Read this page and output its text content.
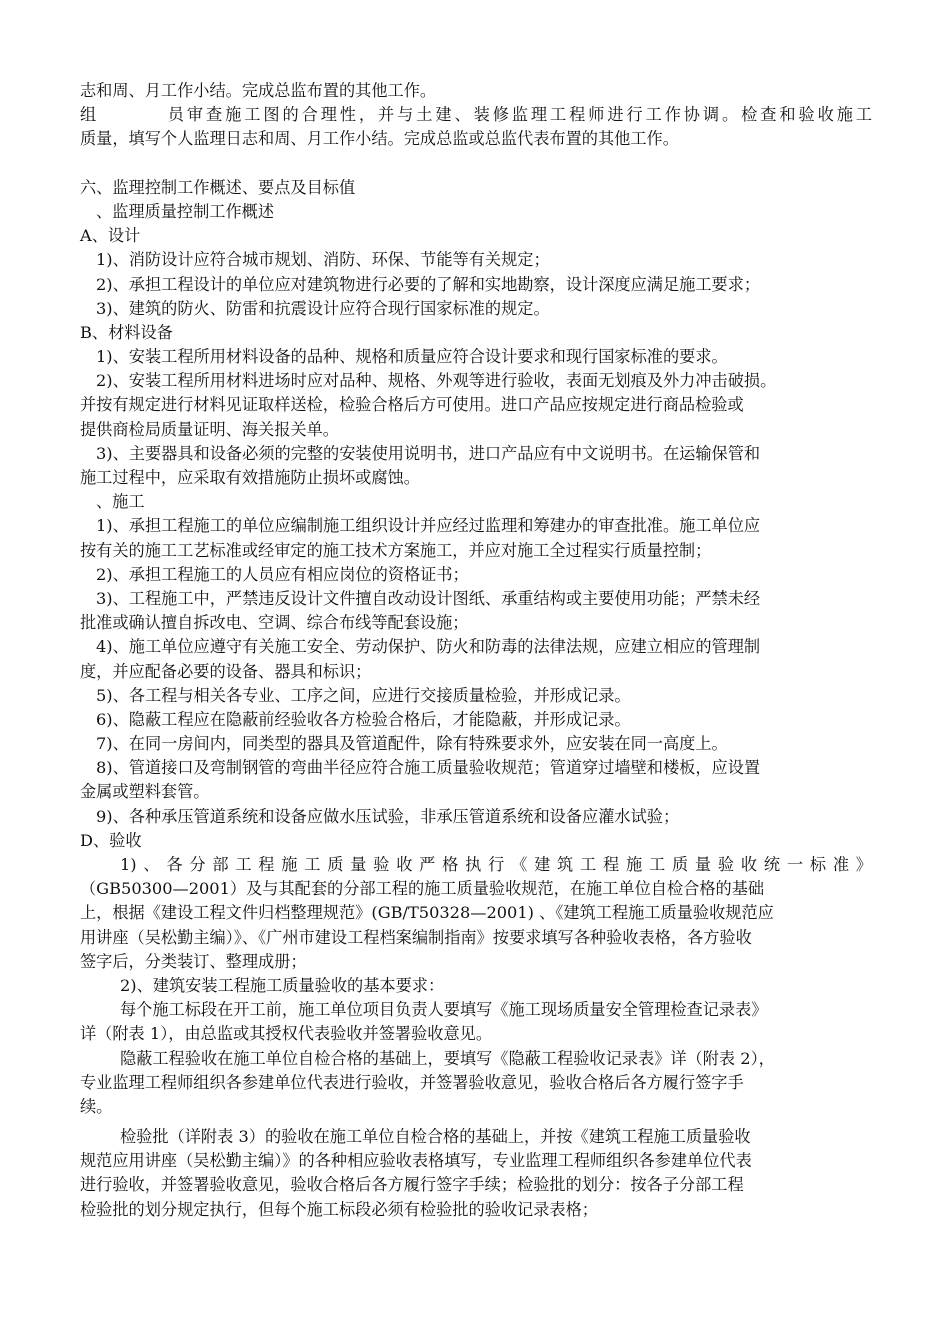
志和周、月工作小结。完成总监布置的其他工作。
组员审查施工图的合理性，并与土建、装修监理工程师进行工作协调。检查和验收施工
质量，填写个人监理日志和周、月工作小结。完成总监或总监代表布置的其他工作。
六、监理控制工作概述、要点及目标值
、监理质量控制工作概述
A、设计
1)、消防设计应符合城市规划、消防、环保、节能等有关规定；
2)、承担工程设计的单位应对建筑物进行必要的了解和实地勘察，设计深度应满足施工要求；
3)、建筑的防火、防雷和抗震设计应符合现行国家标准的规定。
B、材料设备
1)、安装工程所用材料设备的品种、规格和质量应符合设计要求和现行国家标准的要求。
2)、安装工程所用材料进场时应对品种、规格、外观等进行验收，表面无划痕及外力冲击破损。
并按有规定进行材料见证取样送检，检验合格后方可使用。进口产品应按规定进行商品检验或
提供商检局质量证明、海关报关单。
3)、主要器具和设备必须的完整的安装使用说明书，进口产品应有中文说明书。在运输保管和
施工过程中，应采取有效措施防止损坏或腐蚀。
、施工
1)、承担工程施工的单位应编制施工组织设计并应经过监理和筹建办的审查批准。施工单位应
按有关的施工工艺标准或经审定的施工技术方案施工，并应对施工全过程实行质量控制；
2)、承担工程施工的人员应有相应岗位的资格证书；
3)、工程施工中，严禁违反设计文件擅自改动设计图纸、承重结构或主要使用功能；严禁未经
批准或确认擅自拆改电、空调、综合布线等配套设施；
4)、施工单位应遵守有关施工安全、劳动保护、防火和防毒的法律法规，应建立相应的管理制
度，并应配备必要的设备、器具和标识；
5)、各工程与相关各专业、工序之间，应进行交接质量检验，并形成记录。
6)、隐蔽工程应在隐蔽前经验收各方检验合格后，才能隐蔽，并形成记录。
7)、在同一房间内，同类型的器具及管道配件，除有特殊要求外，应安装在同一高度上。
8)、管道接口及弯制钢管的弯曲半径应符合施工质量验收规范；管道穿过墙壁和楼板，应设置
金属或塑料套管。
9)、各种承压管道系统和设备应做水压试验，非承压管道系统和设备应灌水试验；
D、验收
1)、各分部工程施工质量验收严格执行《建筑工程施工质量验收统一标准》
（GB50300—2001）及与其配套的分部工程的施工质量验收规范，在施工单位自检合格的基础
上，根据《建设工程文件归档整理规范》(GB/T50328—2001) 、《建筑工程施工质量验收规范应
用讲座（吴松勤主编）》、《广州市建设工程档案编制指南》按要求填写各种验收表格，各方验收
签字后，分类装订、整理成册；
2)、建筑安装工程施工质量验收的基本要求：
每个施工标段在开工前，施工单位项目负责人要填写《施工现场质量安全管理检查记录表》
详（附表 1），由总监或其授权代表验收并签署验收意见。
隐蔽工程验收在施工单位自检合格的基础上，要填写《隐蔽工程验收记录表》详（附表 2），
专业监理工程师组织各参建单位代表进行验收，并签署验收意见，验收合格后各方履行签字手
续。
检验批（详附表 3）的验收在施工单位自检合格的基础上，并按《建筑工程施工质量验收
规范应用讲座（吴松勤主编）》的各种相应验收表格填写，专业监理工程师组织各参建单位代表
进行验收，并签署验收意见，验收合格后各方履行签字手续；检验批的划分：按各子分部工程
检验批的划分规定执行，但每个施工标段必须有检验批的验收记录表格；
